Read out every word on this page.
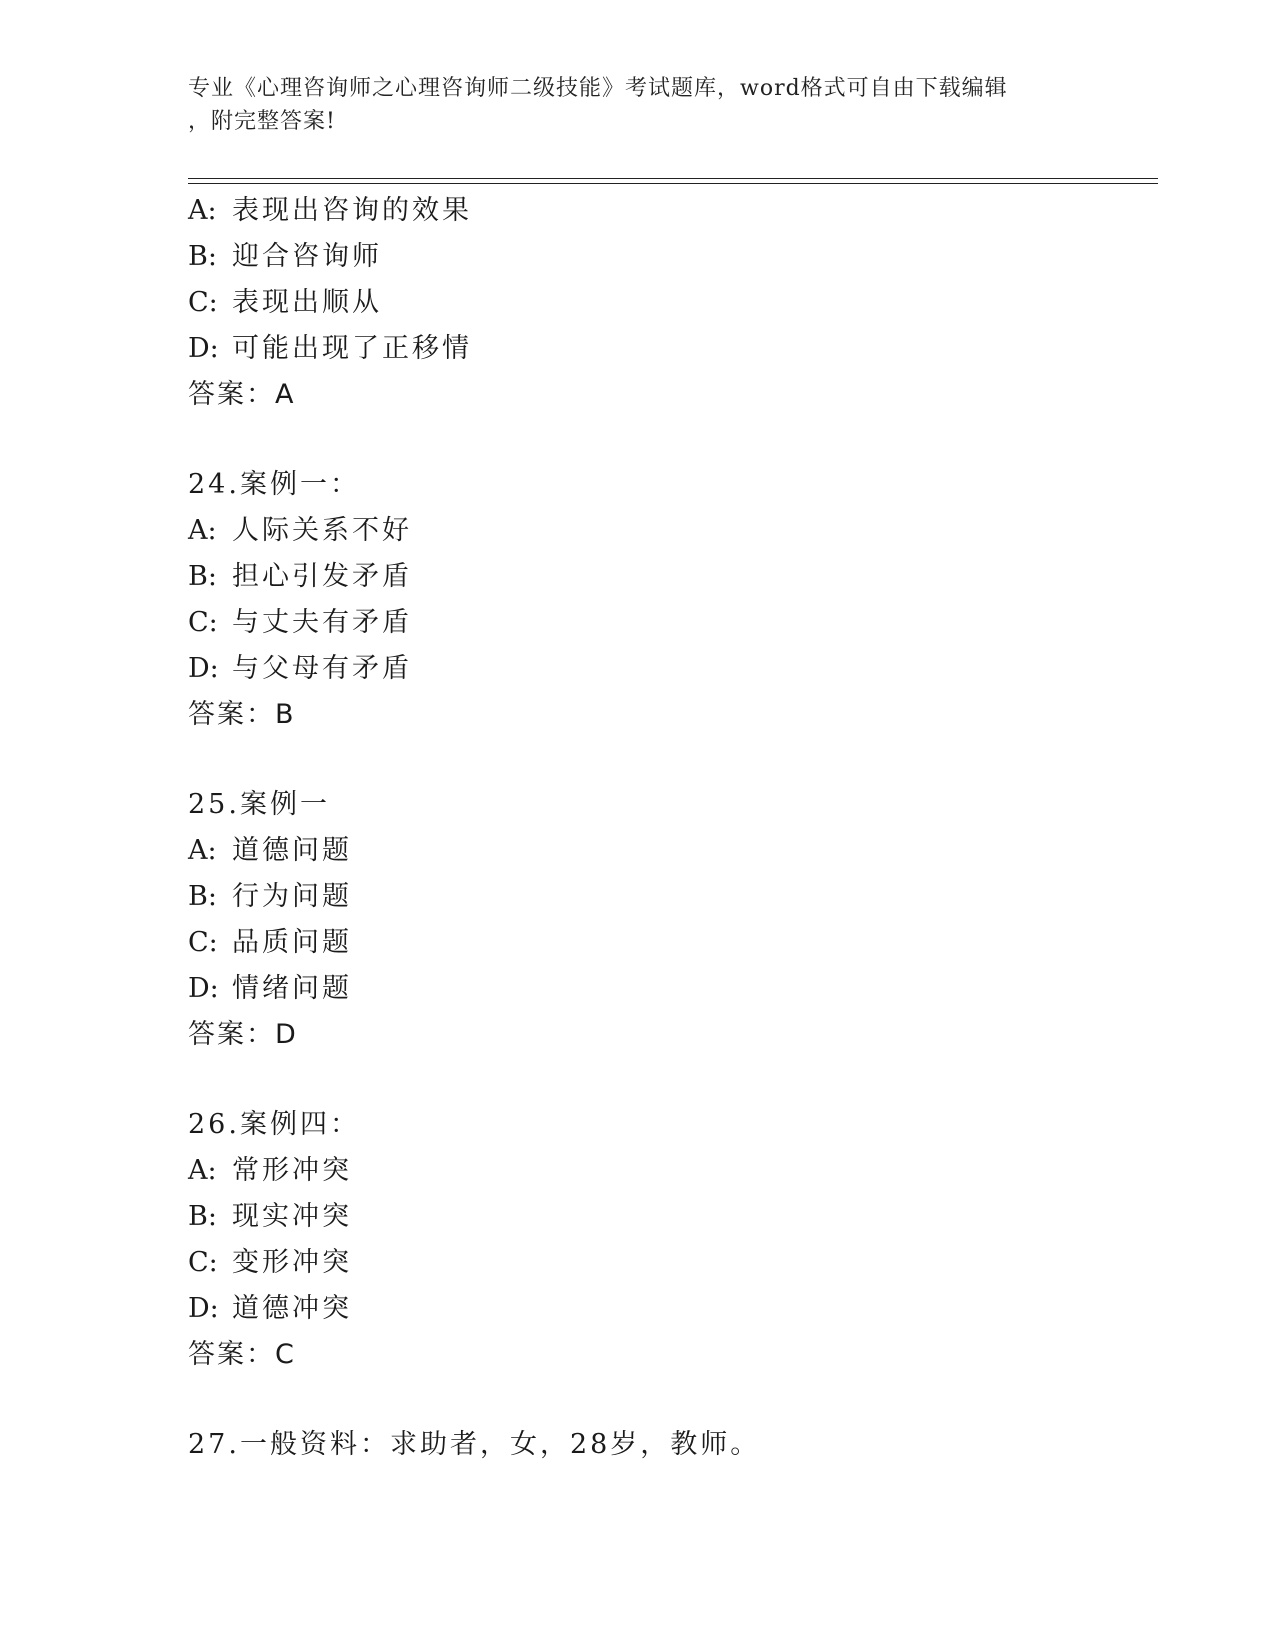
专业《心理咨询师之心理咨询师二级技能》考试题库，word格式可自由下载编辑
，附完整答案!
A: 表现出咨询的效果
B: 迎合咨询师
C: 表现出顺从
D: 可能出现了正移情
答案：A
24.案例一：
A: 人际关系不好
B: 担心引发矛盾
C: 与丈夫有矛盾
D: 与父母有矛盾
答案：B
25.案例一
A: 道德问题
B: 行为问题
C: 品质问题
D: 情绪问题
答案：D
26.案例四：
A: 常形冲突
B: 现实冲突
C: 变形冲突
D: 道德冲突
答案：C
27.一般资料：求助者，女，28岁，教师。
